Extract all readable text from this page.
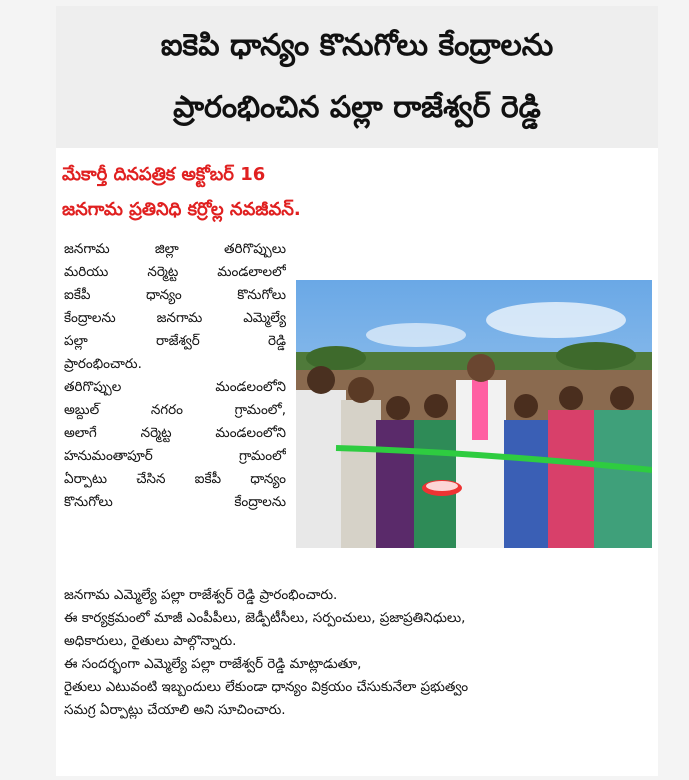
ఐకెపి ధాన్యం కొనుగోలు కేంద్రాలను
ప్రారంభించిన పల్లా రాజేశ్వర్ రెడ్డి
మేకార్తీ దినపత్రిక అక్టోబర్ 16
జనగామ ప్రతినిధి కర్రోల్ల నవజీవన్.
జనగామ జిల్లా తరిగొప్పులు
మరియు నర్మెట్ట మండలాలలో
ఐకేపీ ధాన్యం కొనుగోలు
కేంద్రాలను జనగామ ఎమ్మెల్యే
పల్లా రాజేశ్వర్ రెడ్డి
ప్రారంభించారు.
తరిగొప్పుల మండలంలోని
అబ్దుల్ నగరం గ్రామంలో,
అలాగే నర్మెట్ట మండలంలోని
హనుమంతాపూర్ గ్రామంలో
ఏర్పాటు చేసిన ఐకేపీ ధాన్యం
కొనుగోలు కేంద్రాలను
జనగామ ఎమ్మెల్యే పల్లా రాజేశ్వర్ రెడ్డి ప్రారంభించారు.
ఈ కార్యక్రమంలో మాజీ ఎంపీపీలు, జెడ్పీటీసీలు, సర్పంచులు, ప్రజాప్రతినిధులు,
అధికారులు, రైతులు పాల్గొన్నారు.
ఈ సందర్భంగా ఎమ్మెల్యే పల్లా రాజేశ్వర్ రెడ్డి మాట్లాడుతూ,
రైతులు ఎటువంటి ఇబ్బందులు లేకుండా ధాన్యం విక్రయం చేసుకునేలా ప్రభుత్వం
సమగ్ర ఏర్పాట్లు చేయాలి అని సూచించారు.
